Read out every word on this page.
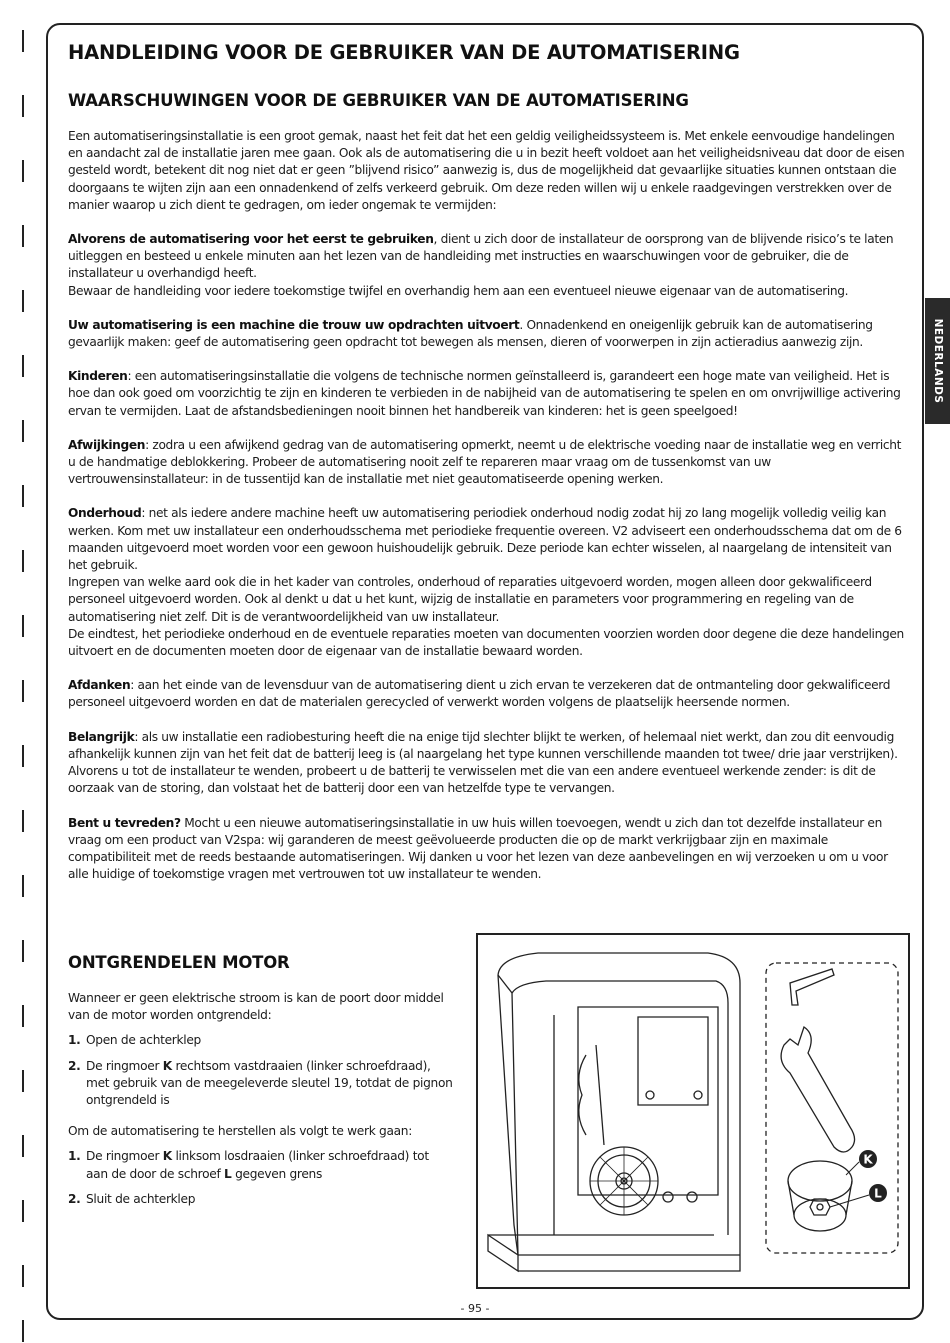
NEDERLANDS
HANDLEIDING VOOR DE GEBRUIKER VAN DE AUTOMATISERING
WAARSCHUWINGEN VOOR DE GEBRUIKER VAN DE AUTOMATISERING

Een automatiseringsinstallatie is een groot gemak, naast het feit dat het een geldig veiligheidssysteem is. Met enkele eenvoudige handelingen en aandacht zal de installatie jaren mee gaan. Ook als de automatisering die u in bezit heeft voldoet aan het veiligheidsniveau dat door de eisen gesteld wordt, betekent dit nog niet dat er geen ”blijvend risico” aanwezig is, dus de mogelijkheid dat gevaarlijke situaties kunnen ontstaan die doorgaans te wijten zijn aan een onnadenkend of zelfs verkeerd gebruik. Om deze reden willen wij u enkele raadgevingen verstrekken over de manier waarop u zich dient te gedragen, om ieder ongemak te vermijden:

Alvorens de automatisering voor het eerst te gebruiken, dient u zich door de installateur de oorsprong van de blijvende risico’s te laten uitleggen en besteed u enkele minuten aan het lezen van de handleiding met instructies en waarschuwingen voor de gebruiker, die de installateur u overhandigd heeft.
Bewaar de handleiding voor iedere toekomstige twijfel en overhandig hem aan een eventueel nieuwe eigenaar van de automatisering.

Uw automatisering is een machine die trouw uw opdrachten uitvoert. Onnadenkend en oneigenlijk gebruik kan de automatisering gevaarlijk maken: geef de automatisering geen opdracht tot bewegen als mensen, dieren of voorwerpen in zijn actieradius aanwezig zijn.

Kinderen: een automatiseringsinstallatie die volgens de technische normen geïnstalleerd is, garandeert een hoge mate van veiligheid. Het is hoe dan ook goed om voorzichtig te zijn en kinderen te verbieden in de nabijheid van de automatisering te spelen en om onvrijwillige activering ervan te vermijden. Laat de afstandsbedieningen nooit binnen het handbereik van kinderen: het is geen speelgoed!

Afwijkingen: zodra u een afwijkend gedrag van de automatisering opmerkt, neemt u de elektrische voeding naar de installatie weg en verricht u de handmatige deblokkering. Probeer de automatisering nooit zelf te repareren maar vraag om de tussenkomst van uw vertrouwensinstallateur: in de tussentijd kan de installatie met niet geautomatiseerde opening werken.

Onderhoud: net als iedere andere machine heeft uw automatisering periodiek onderhoud nodig zodat hij zo lang mogelijk volledig veilig kan werken. Kom met uw installateur een onderhoudsschema met periodieke frequentie overeen. V2 adviseert een onderhoudsschema dat om de 6 maanden uitgevoerd moet worden voor een gewoon huishoudelijk gebruik. Deze periode kan echter wisselen, al naargelang de intensiteit van het gebruik.
Ingrepen van welke aard ook die in het kader van controles, onderhoud of reparaties uitgevoerd worden, mogen alleen door gekwalificeerd personeel uitgevoerd worden. Ook al denkt u dat u het kunt, wijzig de installatie en parameters voor programmering en regeling van de automatisering niet zelf. Dit is de verantwoordelijkheid van uw installateur.
De eindtest, het periodieke onderhoud en de eventuele reparaties moeten van documenten voorzien worden door degene die deze handelingen uitvoert en de documenten moeten door de eigenaar van de installatie bewaard worden.

Afdanken: aan het einde van de levensduur van de automatisering dient u zich ervan te verzekeren dat de ontmanteling door gekwalificeerd personeel uitgevoerd worden en dat de materialen gerecycled of verwerkt worden volgens de plaatselijk heersende normen.

Belangrijk: als uw installatie een radiobesturing heeft die na enige tijd slechter blijkt te werken, of helemaal niet werkt, dan zou dit eenvoudig afhankelijk kunnen zijn van het feit dat de batterij leeg is (al naargelang het type kunnen verschillende maanden tot twee/ drie jaar verstrijken). Alvorens u tot de installateur te wenden, probeert u de batterij te verwisselen met die van een andere eventueel werkende zender: is dit de oorzaak van de storing, dan volstaat het de batterij door een van hetzelfde type te vervangen.

Bent u tevreden? Mocht u een nieuwe automatiseringsinstallatie in uw huis willen toevoegen, wendt u zich dan tot dezelfde installateur en vraag om een product van V2spa: wij garanderen de meest geëvolueerde producten die op de markt verkrijgbaar zijn en maximale compatibiliteit met de reeds bestaande automatiseringen. Wij danken u voor het lezen van deze aanbevelingen en wij verzoeken u om u voor alle huidige of toekomstige vragen met vertrouwen tot uw installateur te wenden.

ONTGRENDELEN MOTOR

Wanneer er geen elektrische stroom is kan de poort door middel van de motor worden ontgrendeld:

1. Open de achterklep
2. De ringmoer K rechtsom vastdraaien (linker schroefdraad), met gebruik van de meegeleverde sleutel 19, totdat de pignon ontgrendeld is

Om de automatisering te herstellen als volgt te werk gaan:

1. De ringmoer K linksom losdraaien (linker schroefdraad) tot aan de door de schroef L gegeven grens
2. Sluit de achterklep
K
L
- 95 -
